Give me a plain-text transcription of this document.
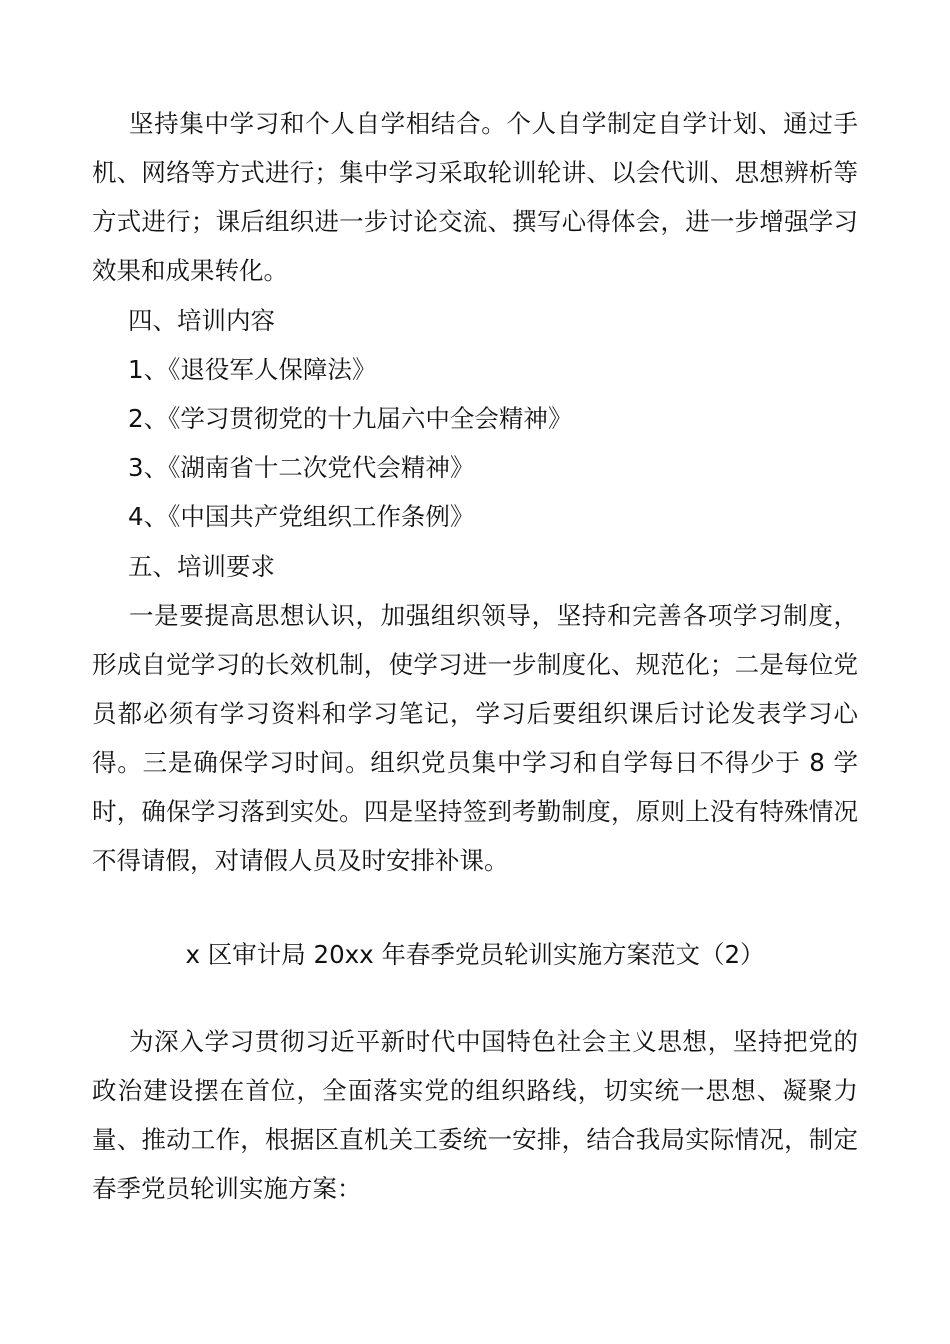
坚持集中学习和个人自学相结合。个人自学制定自学计划、通过手机、网络等方式进行；集中学习采取轮训轮讲、以会代训、思想辨析等方式进行；课后组织进一步讨论交流、撰写心得体会，进一步增强学习效果和成果转化。

四、培训内容

1、《退役军人保障法》

2、《学习贯彻党的十九届六中全会精神》

3、《湖南省十二次党代会精神》

4、《中国共产党组织工作条例》

五、培训要求

一是要提高思想认识，加强组织领导，坚持和完善各项学习制度，形成自觉学习的长效机制，使学习进一步制度化、规范化；二是每位党员都必须有学习资料和学习笔记，学习后要组织课后讨论发表学习心得。三是确保学习时间。组织党员集中学习和自学每日不得少于 8 学时，确保学习落到实处。四是坚持签到考勤制度，原则上没有特殊情况不得请假，对请假人员及时安排补课。

x 区审计局 20xx 年春季党员轮训实施方案范文（2）

为深入学习贯彻习近平新时代中国特色社会主义思想，坚持把党的政治建设摆在首位，全面落实党的组织路线，切实统一思想、凝聚力量、推动工作，根据区直机关工委统一安排，结合我局实际情况，制定春季党员轮训实施方案：
